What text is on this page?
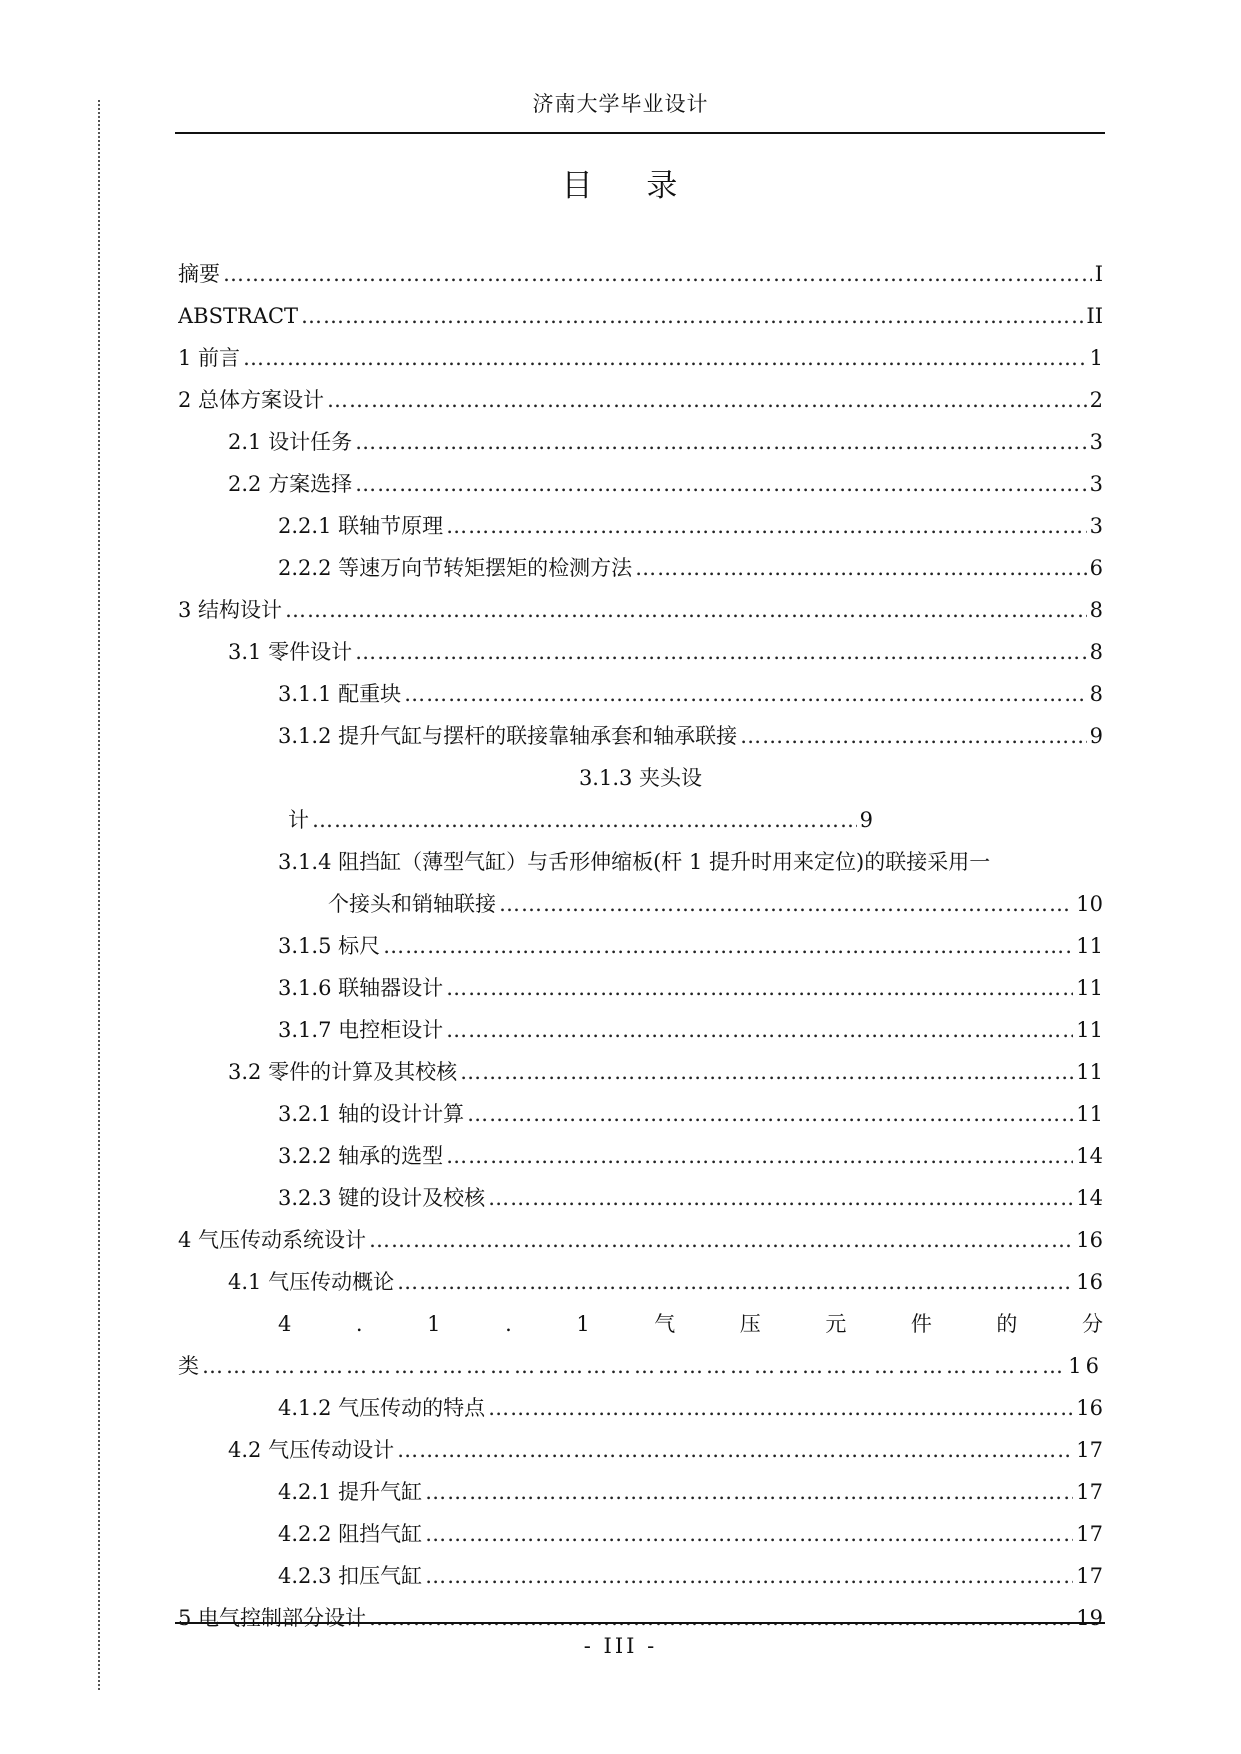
济南大学毕业设计
目 录
摘要 ……………………………………………………………………………………………………………………………………………………………………	I
ABSTRACT ……………………………………………………………………………………………………………………………………………………………………	II
1 前言 ……………………………………………………………………………………………………………………………………………………………………	1
2 总体方案设计 ……………………………………………………………………………………………………………………………………………………………………	2
2.1 设计任务 ……………………………………………………………………………………………………………………………………………………………………	3
2.2 方案选择 ……………………………………………………………………………………………………………………………………………………………………	3
2.2.1 联轴节原理 ……………………………………………………………………………………………………………………………………………………………………	3
2.2.2 等速万向节转矩摆矩的检测方法 ……………………………………………………………………………………………………………………………………………………………………	6
3 结构设计 ……………………………………………………………………………………………………………………………………………………………………	8
3.1 零件设计 ……………………………………………………………………………………………………………………………………………………………………	8
3.1.1 配重块 ……………………………………………………………………………………………………………………………………………………………………	8
3.1.2 提升气缸与摆杆的联接靠轴承套和轴承联接 ……………………………………………………………………………………………………………………………………………………………………	9
3.1.3 夹头设
计 ……………………………………………………………………………………………………………………………………………………………………	9
3.1.4 阻挡缸（薄型气缸）与舌形伸缩板(杆 1 提升时用来定位)的联接采用一
个接头和销轴联接 ……………………………………………………………………………………………………………………………………………………………………	10
3.1.5 标尺 ……………………………………………………………………………………………………………………………………………………………………	11
3.1.6 联轴器设计 ……………………………………………………………………………………………………………………………………………………………………	11
3.1.7 电控柜设计 ……………………………………………………………………………………………………………………………………………………………………	11
3.2 零件的计算及其校核 ……………………………………………………………………………………………………………………………………………………………………	11
3.2.1 轴的设计计算 ……………………………………………………………………………………………………………………………………………………………………	11
3.2.2 轴承的选型 ……………………………………………………………………………………………………………………………………………………………………	14
3.2.3 键的设计及校核 ……………………………………………………………………………………………………………………………………………………………………	14
4 气压传动系统设计 ……………………………………………………………………………………………………………………………………………………………………	16
4.1 气压传动概论 ……………………………………………………………………………………………………………………………………………………………………	16
4	.	1	.	1	气	压	元	件	的	分
类 ……………………………………………………………………………………………………………………………………………………………………	16
4.1.2 气压传动的特点 ……………………………………………………………………………………………………………………………………………………………………	16
4.2 气压传动设计 ……………………………………………………………………………………………………………………………………………………………………	17
4.2.1 提升气缸 ……………………………………………………………………………………………………………………………………………………………………	17
4.2.2 阻挡气缸 ……………………………………………………………………………………………………………………………………………………………………	17
4.2.3 扣压气缸 ……………………………………………………………………………………………………………………………………………………………………	17
5 电气控制部分设计 ……………………………………………………………………………………………………………………………………………………………………	19
- III -
